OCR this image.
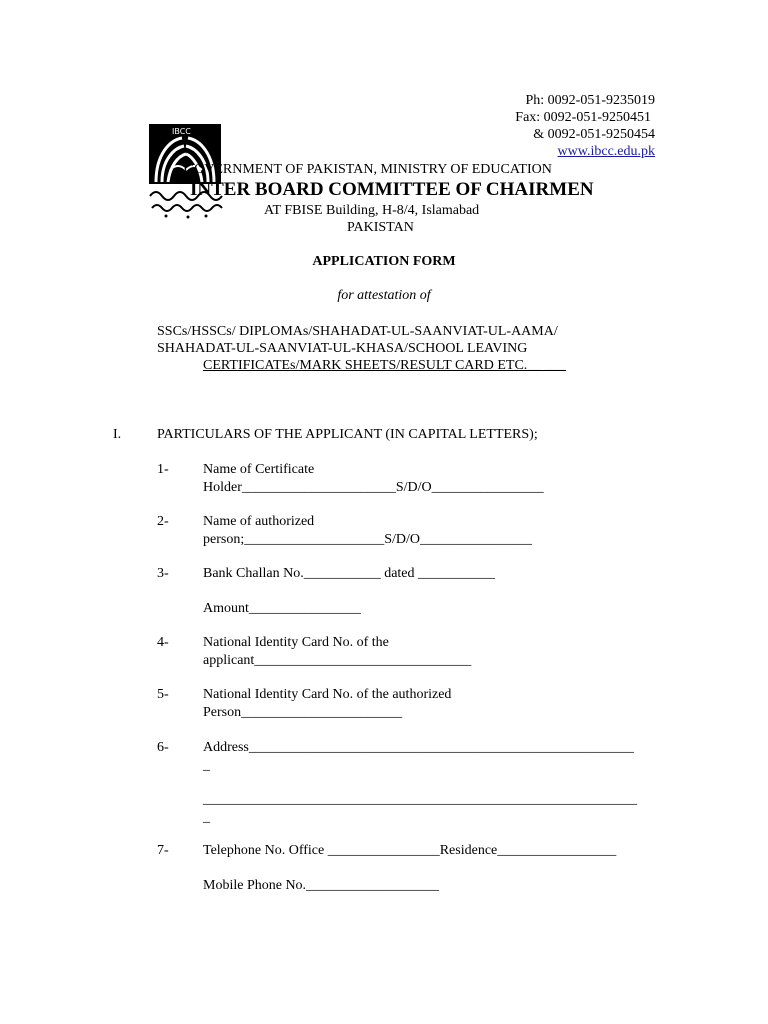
Ph: 0092-051-9235019
Fax: 0092-051-9250451
& 0092-051-9250454
www.ibcc.edu.pk
IBCC
GOVERNMENT OF PAKISTAN, MINISTRY OF EDUCATION
INTER BOARD COMMITTEE OF CHAIRMEN
AT FBISE Building, H-8/4, Islamabad
PAKISTAN
APPLICATION FORM
for attestation of
SSCs/HSSCs/ DIPLOMAs/SHAHADAT-UL-SAANVIAT-UL-AAMA/
SHAHADAT-UL-SAANVIAT-UL-KHASA/SCHOOL LEAVING
CERTIFICATEs/MARK SHEETS/RESULT CARD ETC.__ ___
I.	PARTICULARS OF THE APPLICANT (IN CAPITAL LETTERS);
1- Name of Certificate
Holder______________________S/D/O________________
2- Name of authorized
person;____________________S/D/O________________
3- Bank Challan No.___________ dated ___________
Amount________________
4- National Identity Card No. of the
applicant_______________________________
5- National Identity Card No. of the authorized
Person_______________________
6- Address_______________________________________________________
_
______________________________________________________________
_
7- Telephone No. Office ________________Residence_________________
Mobile Phone No.___________________
